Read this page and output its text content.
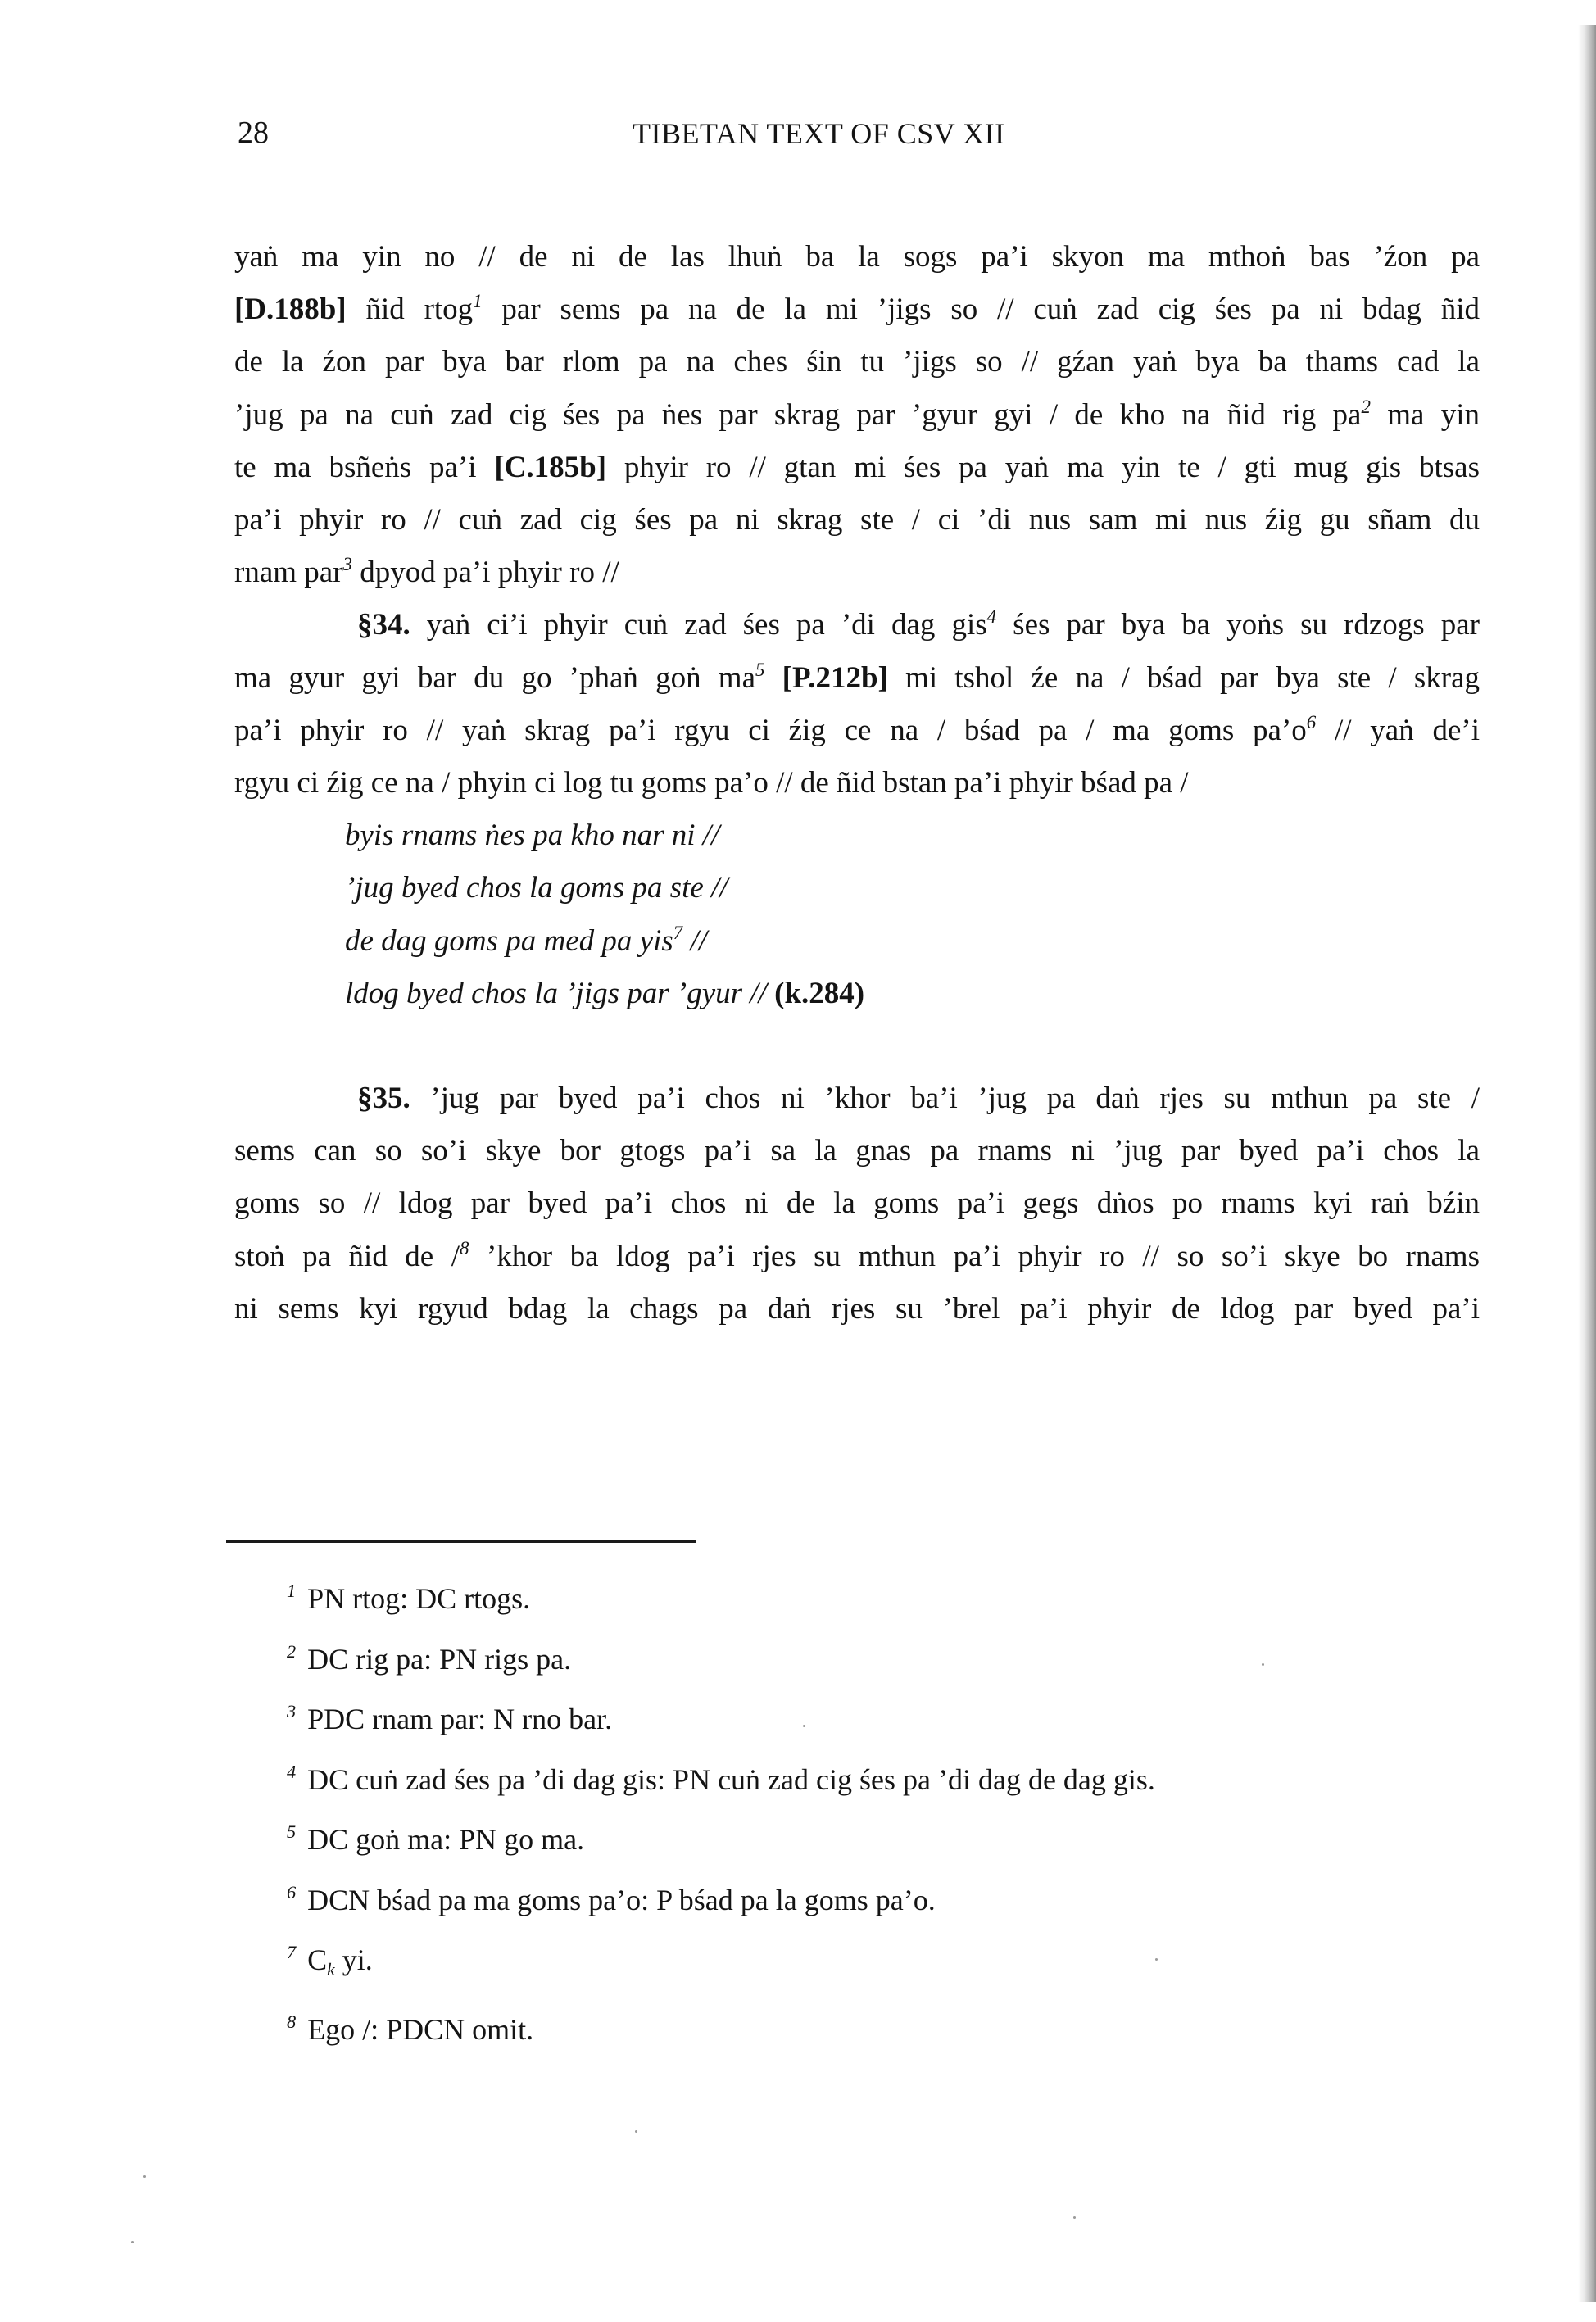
28	TIBETAN TEXT OF CSV XII
yaṅ ma yin no // de ni de las lhuṅ ba la sogs pa’i skyon ma mthoṅ bas ’źon pa
[D.188b] ñid rtog$^1$ par sems pa na de la mi ’jigs so // cuṅ zad cig śes pa ni bdag ñid
de la źon par bya bar rlom pa na ches śin tu ’jigs so // gźan yaṅ bya ba thams cad la
’jug pa na cuṅ zad cig śes pa ṅes par skrag par ’gyur gyi / de kho na ñid rig $pa^2$ ma yin
te ma bsñeṅs pa’i [C.185b] phyir ro // gtan mi śes pa yaṅ ma yin te / gti mug gis btsas
pa’i phyir ro // cuṅ zad cig śes pa ni skrag ste / ci ’di nus sam mi nus źig gu sñam du
rnam par$^3$ dpyod pa’i phyir ro //
§34. yaṅ ci’i phyir cuṅ zad śes pa ’di dag gis$^4$ śes par bya ba yoṅs su rdzogs par
ma gyur gyi bar du go ’phaṅ goṅ $ma^5$ [P.212b] mi tshol źe na / bśad par bya ste / skrag
pa’i phyir ro // yaṅ skrag pa’i rgyu ci źig ce na / bśad pa / ma goms $pa’o^6$ // yaṅ de’i
rgyu ci źig ce na / phyin ci log tu goms pa’o // de ñid bstan pa’i phyir bśad pa /
byis rnams ṅes pa kho nar ni //
’jug byed chos la goms pa ste //
de dag goms pa med pa yis$^7$ //
ldog byed chos la ’jigs par ’gyur // (k.284)
§35. ’jug par byed pa’i chos ni ’khor ba’i ’jug pa daṅ rjes su mthun pa ste /
sems can so so’i skye bor gtogs pa’i sa la gnas pa rnams ni ’jug par byed pa’i chos la
goms so // ldog par byed pa’i chos ni de la goms pa’i gegs dṅos po rnams kyi raṅ bźin
stoṅ pa ñid de /$^8$ ’khor ba ldog pa’i rjes su mthun pa’i phyir ro // so so’i skye bo rnams
ni sems kyi rgyud bdag la chags pa daṅ rjes su ’brel pa’i phyir de ldog par byed pa’i
$^1$ PN rtog: DC rtogs.
$^2$ DC rig pa: PN rigs pa.
$^3$ PDC rnam par: N rno bar.
$^4$ DC cuṅ zad śes pa ’di dag gis: PN cuṅ zad cig śes pa ’di dag de dag gis.
$^5$ DC goṅ ma: PN go ma.
$^6$ DCN bśad pa ma goms pa’o: P bśad pa la goms pa’o.
$^7$ $C_k$ yi.
$^8$ Ego /: PDCN omit.
